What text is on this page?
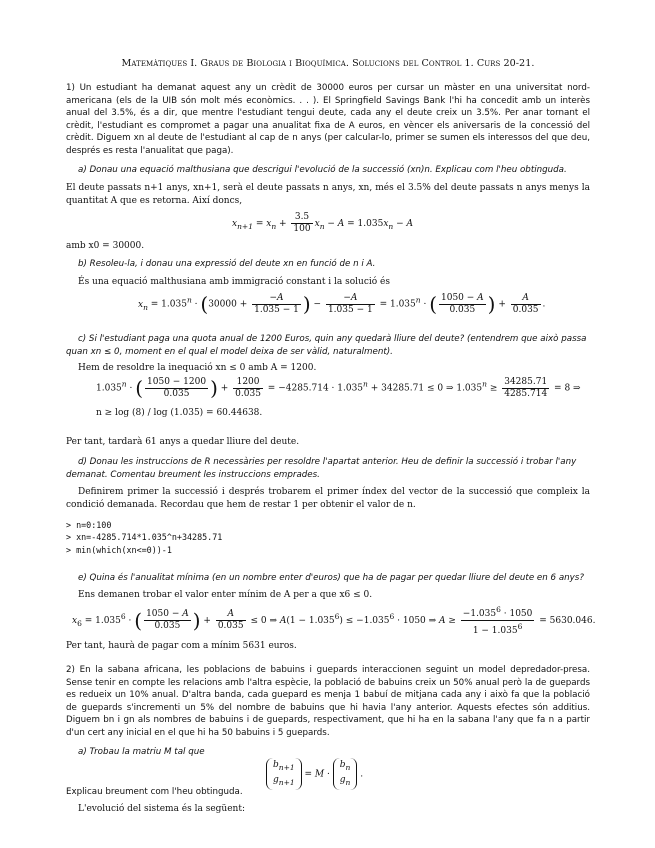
Matemàtiques I. Graus de Biologia i Bioquímica. Solucions del Control 1. Curs 20-21.

1) Un estudiant ha demanat aquest any un crèdit de 30000 euros per cursar un màster en una universitat nord-americana (els de la UIB són molt més econòmics. . . ). El Springfield Savings Bank l'hi ha concedit amb un interès anual del 3.5%, és a dir, que mentre l'estudiant tengui deute, cada any el deute creix un 3.5%. Per anar tornant el crèdit, l'estudiant es compromet a pagar una anualitat fixa de A euros, en vèncer els aniversaris de la concessió del crèdit. Diguem xn al deute de l'estudiant al cap de n anys (per calcular-lo, primer se sumen els interessos del que deu, després es resta l'anualitat que paga).

a) Donau una equació malthusiana que descrigui l'evolució de la successió (xn)n. Explicau com l'heu obtinguda.

El deute passats n+1 anys, xn+1, serà el deute passats n anys, xn, més el 3.5% del deute passats n anys menys la quantitat A que es retorna. Així doncs,

$x_{n+1} = x_n + \frac{3.5}{100} x_n - A = 1.035x_n - A$

amb x0 = 30000.

b) Resoleu-la, i donau una expressió del deute xn en funció de n i A.

És una equació malthusiana amb immigració constant i la solució és

$x_n = 1.035^n \cdot (30000 + \frac{-A}{1.035 - 1}$ ) − $\frac{-A}{1.035 - 1} = 1.035^n$ · ( $\frac{1050 - A}{0.035}$ ) + $\frac{A}{0.035}$ .

c) Si l'estudiant paga una quota anual de 1200 Euros, quin any quedarà lliure del deute? (entendrem que això passa quan xn ≤ 0, moment en el qual el model deixa de ser vàlid, naturalment).

Hem de resoldre la inequació xn ≤ 0 amb A = 1200.

$1.035^n$ · ( $\frac{1050 - 1200}{0.035}$ ) + $\frac{1200}{0.035} = -4285.714 \cdot 1.035^n + 34285.71 \le 0$ ⇒ $1.035^n \ge \frac{34285.71}{4285.714} = 8$ ⇒
n ≥ log (8) / log (1.035) = 60.44638.

Per tant, tardarà 61 anys a quedar lliure del deute.

d) Donau les instruccions de R necessàries per resoldre l'apartat anterior. Heu de definir la successió i trobar l'any demanat. Comentau breument les instruccions emprades.

Definirem primer la successió i després trobarem el primer índex del vector de la successió que compleix la condició demanada. Recordau que hem de restar 1 per obtenir el valor de n.

> n=0:100
> xn=-4285.714*1.035^n+34285.71
> min(which(xn<=0))-1

e) Quina és l'anualitat mínima (en un nombre enter d'euros) que ha de pagar per quedar lliure del deute en 6 anys?

Ens demanen trobar el valor enter mínim de A per a que x6 ≤ 0.

$x_6 = 1.035^6$ · ( $\frac{1050 - A}{0.035}$ ) + $\frac{A}{0.035} \le 0$ ⇒ $A(1 - 1.035^6) \le -1.035^6 \cdot 1050$ ⇒ $A \ge \frac{-1.035^6 \cdot 1050}{1 - 1.035^6} = 5630.046$.

Per tant, haurà de pagar com a mínim 5631 euros.

2) En la sabana africana, les poblacions de babuins i guepards interaccionen seguint un model depredador-presa. Sense tenir en compte les relacions amb l'altra espècie, la població de babuins creix un 50% anual però la de guepards es redueix un 10% anual. D'altra banda, cada guepard es menja 1 babuí de mitjana cada any i això fa que la població de guepards s'incrementi un 5% del nombre de babuins que hi havia l'any anterior. Aquests efectes són additius. Diguem bn i gn als nombres de babuins i de guepards, respectivament, que hi ha en la sabana l'any que fa n a partir d'un cert any inicial en el que hi ha 50 babuins i 5 guepards.

a) Trobau la matriu M tal que

$b_{n+1}$
$g_{n+1} = M \cdot b_n$
$g_n$ .

Explicau breument com l'heu obtinguda.

L'evolució del sistema és la següent:
